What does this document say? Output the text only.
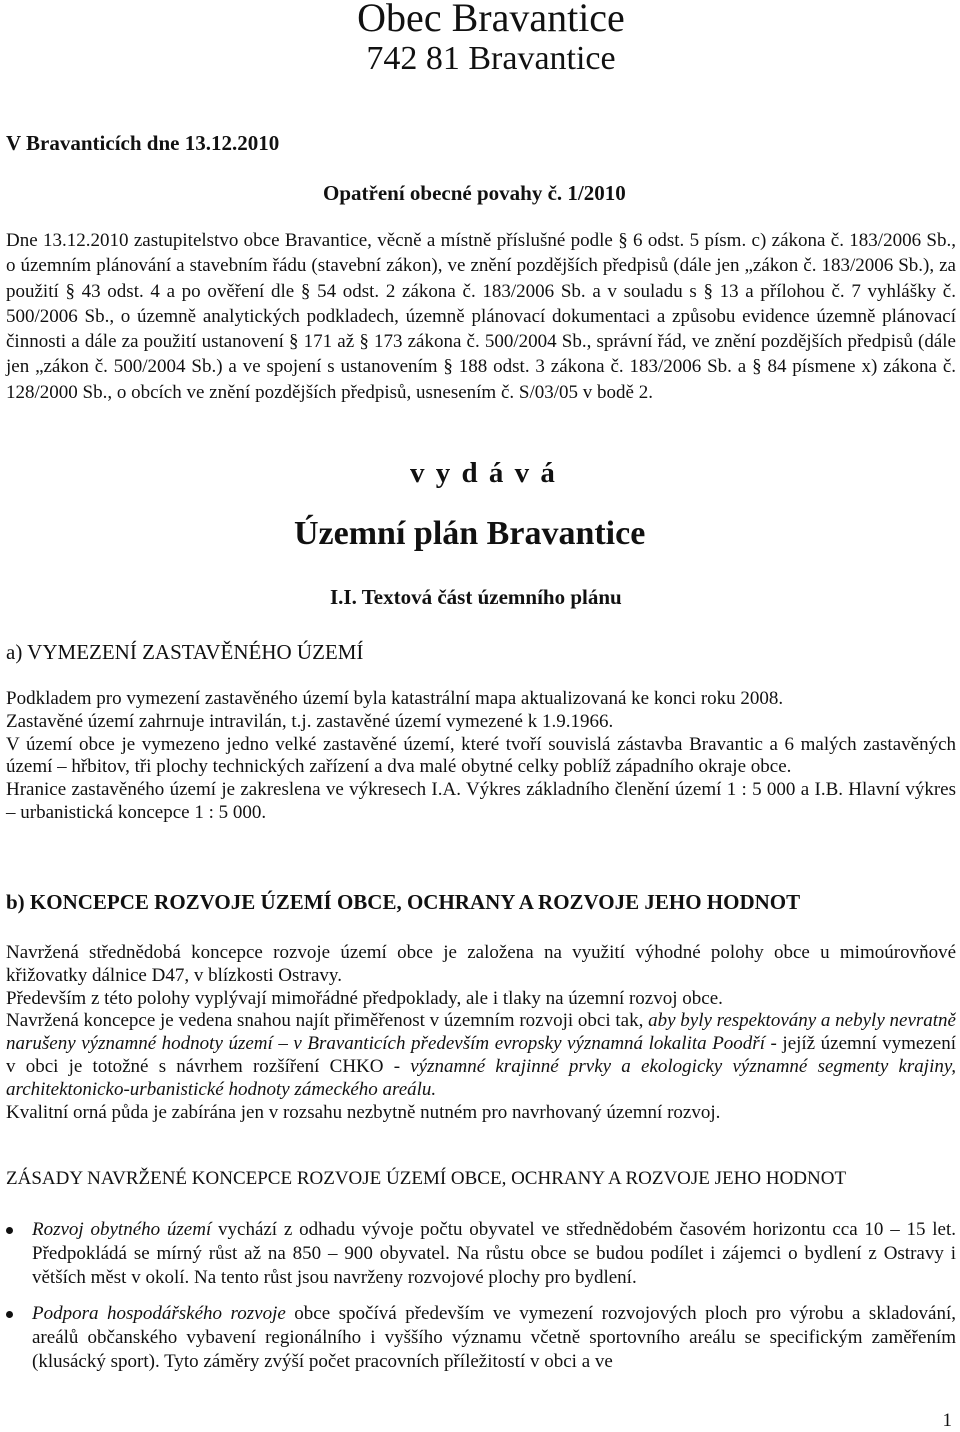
Obec Bravantice
742 81 Bravantice

V Bravanticích dne 13.12.2010

Opatření obecné povahy č. 1/2010

Dne 13.12.2010 zastupitelstvo obce Bravantice, věcně a místně příslušné podle § 6 odst. 5 písm. c) zákona č. 183/2006 Sb., o územním plánování a stavebním řádu (stavební zákon), ve znění pozdějších předpisů (dále jen „zákon č. 183/2006 Sb.), za použití § 43 odst. 4 a po ověření dle § 54 odst. 2 zákona č. 183/2006 Sb. a v souladu s § 13 a přílohou č. 7 vyhlášky č. 500/2006 Sb., o územně analytických podkladech, územně plánovací dokumentaci a způsobu evidence územně plánovací činnosti a dále za použití ustanovení § 171 až § 173 zákona č. 500/2004 Sb., správní řád, ve znění pozdějších předpisů (dále jen „zákon č. 500/2004 Sb.) a ve spojení s ustanovením § 188 odst. 3 zákona č. 183/2006 Sb. a § 84 písmene x) zákona č. 128/2000 Sb., o obcích ve znění pozdějších předpisů, usnesením č. S/03/05 v bodě 2.

v y d á v á

Územní plán Bravantice

I.I. Textová část územního plánu

a) VYMEZENÍ ZASTAVĚNÉHO ÚZEMÍ

Podkladem pro vymezení zastavěného území byla katastrální mapa aktualizovaná ke konci roku 2008.

Zastavěné území zahrnuje intravilán, t.j. zastavěné území vymezené k 1.9.1966.

V území obce je vymezeno jedno velké zastavěné území, které tvoří souvislá zástavba Bravantic a 6 malých zastavěných území – hřbitov, tři plochy technických zařízení a dva malé obytné celky poblíž západního okraje obce.

Hranice zastavěného území je zakreslena ve výkresech I.A. Výkres základního členění území 1 : 5 000 a I.B. Hlavní výkres – urbanistická koncepce 1 : 5 000.

b) KONCEPCE ROZVOJE ÚZEMÍ OBCE, OCHRANY A ROZVOJE JEHO HODNOT

Navržená střednědobá koncepce rozvoje území obce je založena na využití výhodné polohy obce u mimoúrovňové křižovatky dálnice D47, v blízkosti Ostravy.

Především z této polohy vyplývají mimořádné předpoklady, ale i tlaky na územní rozvoj obce.

Navržená koncepce je vedena snahou najít přiměřenost v územním rozvoji obci tak, aby byly respektovány a nebyly nevratně narušeny významné hodnoty území – v Bravanticích především evropsky významná lokalita Poodří - jejíž územní vymezení v obci je totožné s návrhem rozšíření CHKO - významné krajinné prvky a ekologicky významné segmenty krajiny, architektonicko-urbanistické hodnoty zámeckého areálu.

Kvalitní orná půda je zabírána jen v rozsahu nezbytně nutném pro navrhovaný územní rozvoj.

ZÁSADY NAVRŽENÉ KONCEPCE ROZVOJE ÚZEMÍ OBCE, OCHRANY A ROZVOJE JEHO HODNOT

Rozvoj obytného území vychází z odhadu vývoje počtu obyvatel ve střednědobém časovém horizontu cca 10 – 15 let. Předpokládá se mírný růst až na 850 – 900 obyvatel. Na růstu obce se budou podílet i zájemci o bydlení z Ostravy i větších měst v okolí. Na tento růst jsou navrženy rozvojové plochy pro bydlení.
Podpora hospodářského rozvoje obce spočívá především ve vymezení rozvojových ploch pro výrobu a skladování, areálů občanského vybavení regionálního i vyššího významu včetně sportovního areálu se specifickým zaměřením (klusácký sport). Tyto záměry zvýší počet pracovních příležitostí v obci a ve

1
